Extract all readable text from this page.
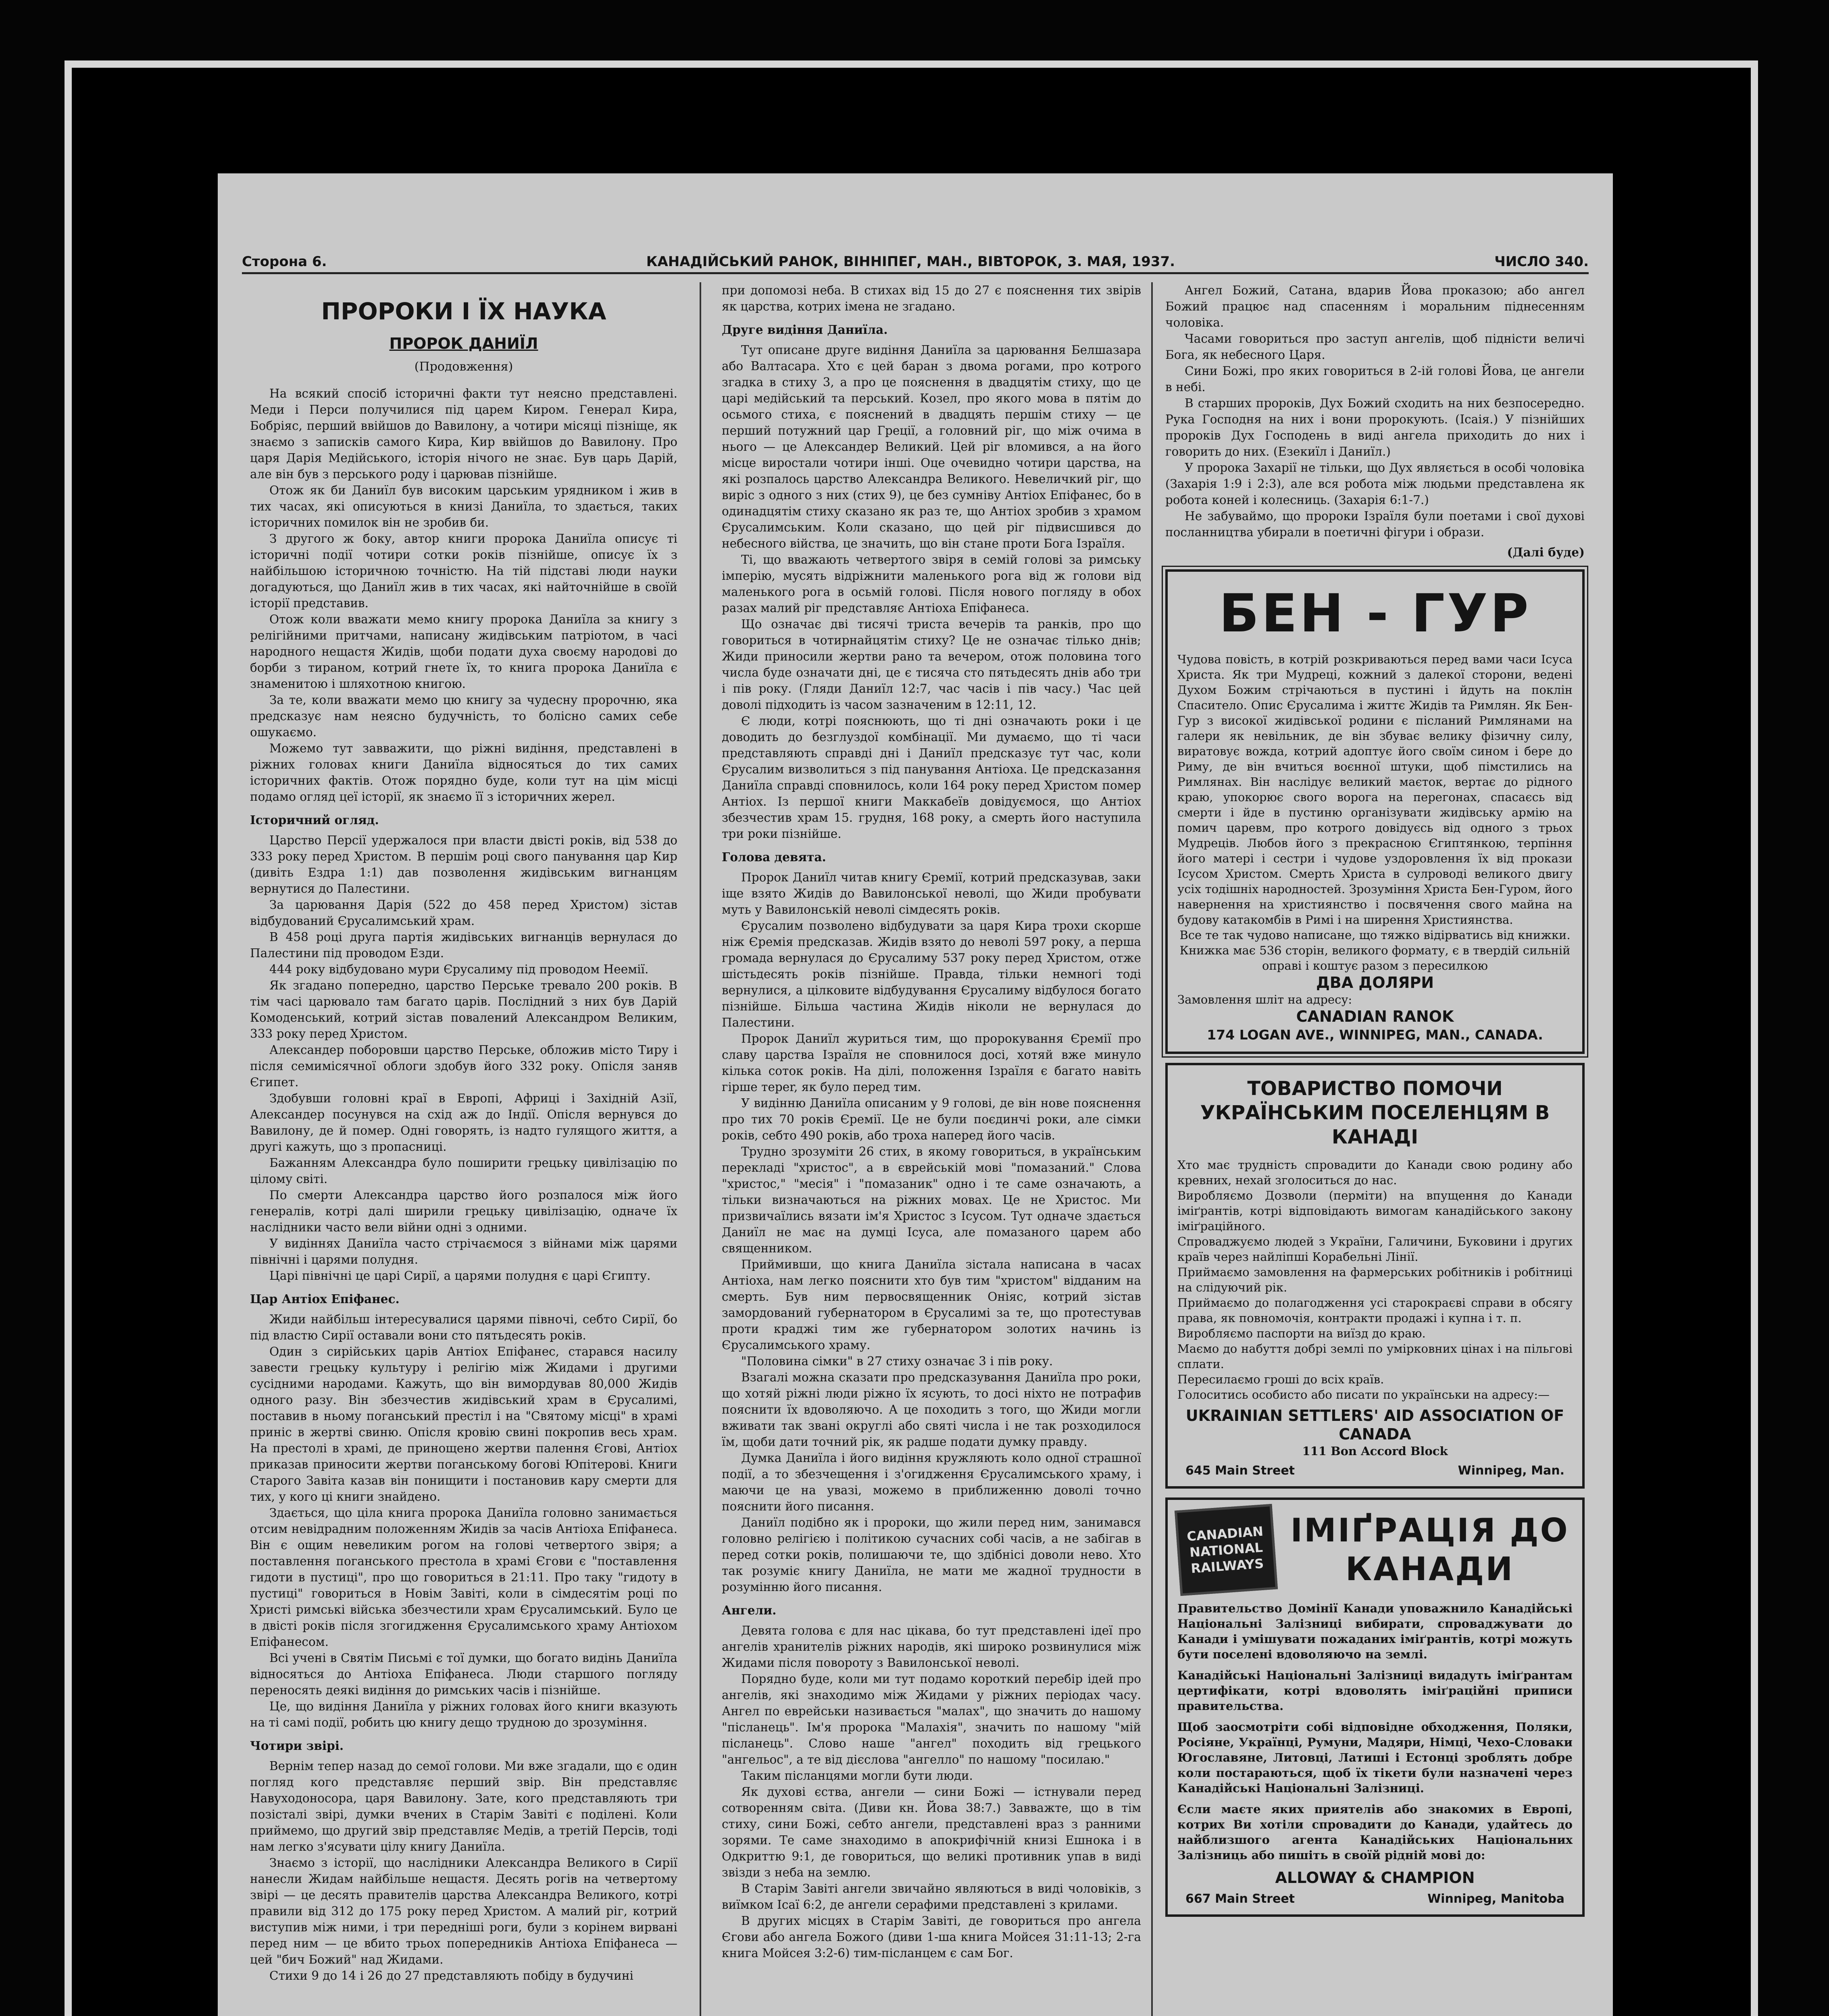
Сторона 6.	КАНАДІЙСЬКИЙ РАНОК, ВІННІПЕГ, МАН., ВІВТОРОК, 3. МАЯ, 1937.	ЧИСЛО 340.
ПРОРОКИ І ЇХ НАУКА
ПРОРОК ДАНИЇЛ
(Продовження)

На всякий спосіб історичні факти тут неясно представлені. Меди і Перси получилися під царем Киром. Генерал Кира, Бобріяс, перший ввійшов до Вавилону, а чотири місяці пізніще, як знаємо з записків самого Кира, Кир ввійшов до Вавилону. Про царя Дарія Медійського, історія нічого не знає. Був царь Дарій, але він був з перського роду і царював пізнійше.

Отож як би Даниїл був високим царським урядником і жив в тих часах, які описуються в книзі Даниїла, то здається, таких історичних помилок він не зробив би.

З другого ж боку, автор книги пророка Даниїла описує ті історичні події чотири сотки років пізнійше, описує їх з найбільшою історичною точністю. На тій підставі люди науки догадуються, що Даниїл жив в тих часах, які найточнійше в своїй історії представив.

Отож коли вважати мемо книгу пророка Даниїла за книгу з релігійними притчами, написану жидівським патріотом, в часі народного нещастя Жидів, щоби подати духа своєму народові до борби з тираном, котрий гнете їх, то книга пророка Даниїла є знаменитою і шляхотною книгою.

За те, коли вважати мемо цю книгу за чудесну пророчню, яка предсказує нам неясно будучність, то болісно самих себе ошукаємо.

Можемо тут завважити, що ріжні видіння, представлені в ріжних головах книги Даниїла відносяться до тих самих історичних фактів. Отож порядно буде, коли тут на цім місці подамо огляд цеї історії, як знаємо її з історичних жерел.

Історичний огляд.

Царство Персії удержалося при власти двісті років, від 538 до 333 року перед Христом. В першім році свого панування цар Кир (дивіть Ездра 1:1) дав позволення жидівським вигнанцям вернутися до Палестини.

За царювання Дарія (522 до 458 перед Христом) зістав відбудований Єрусалимський храм.

В 458 році друга партія жидівських вигнанців вернулася до Палестини під проводом Езди.

444 року відбудовано мури Єрусалиму під проводом Неемії.

Як згадано попередно, царство Перське тревало 200 років. В тім часі царювало там багато царів. Послідний з них був Дарій Комоденський, котрий зістав повалений Александром Великим, 333 року перед Христом.

Александер поборовши царство Перське, обложив місто Тиру і після семимісячної облоги здобув його 332 року. Опісля заняв Єгипет.

Здобувши головні краї в Европі, Африці і Західній Азії, Александер посунувся на схід аж до Індії. Опісля вернувся до Вавилону, де й помер. Одні говорять, із надто гулящого життя, а другі кажуть, що з пропасниці.

Бажанням Александра було поширити грецьку цивілізацію по цілому світі.

По смерти Александра царство його розпалося між його генералів, котрі далі ширили грецьку цивілізацію, одначе їх наслідники часто вели війни одні з одними.

У видіннях Даниїла часто стрічаємося з війнами між царями північні і царями полудня.

Царі північні це царі Сирії, а царями полудня є царі Єгипту.

Цар Антіох Епіфанес.

Жиди найбільш інтересувалися царями півночі, себто Сирії, бо під властю Сирії оставали вони сто пятьдесять років.

Один з сирійських царів Антіох Епіфанес, старався насилу завести грецьку культуру і релігію між Жидами і другими сусідними народами. Кажуть, що він вимордував 80,000 Жидів одного разу. Він збезчестив жидівський храм в Єрусалимі, поставив в ньому поганський престіл і на "Святому місці" в храмі приніс в жертві свиню. Опісля кровію свині покропив весь храм. На престолі в храмі, де принощено жертви палення Єгові, Антіох приказав приносити жертви поганському богові Юпітерові. Книги Старого Завіта казав він понищити і постановив кару смерти для тих, у кого ці книги знайдено.

Здається, що ціла книга пророка Даниїла головно занимається отсим невідрадним положенням Жидів за часів Антіоха Епіфанеса. Він є ощим невеликим рогом на голові четвертого звіря; а поставлення поганського престола в храмі Єгови є "поставлення гидоти в пустиці", про що говориться в 21:11. Про таку "гидоту в пустиці" говориться в Новім Завіті, коли в сімдесятім році по Христі римські війська збезчестили храм Єрусалимський. Було це в двісті років після згогидження Єрусалимського храму Антіохом Епіфанесом.

Всі учені в Святім Письмі є тої думки, що богато видінь Даниїла відносяться до Антіоха Епіфанеса. Люди старшого погляду переносять деякі видіння до римських часів і пізнійше.

Це, що видіння Даниїла у ріжних головах його книги вказують на ті самі події, робить цю книгу дещо трудною до зрозуміння.

Чотири звірі.

Вернім тепер назад до семої голови. Ми вже згадали, що є один погляд кого представляє перший звір. Він представляє Навуходоносора, царя Вавилону. Зате, кого представляють три позісталі звірі, думки вчених в Старім Завіті є поділені. Коли приймемо, що другий звір представляє Медів, а третій Персів, тоді нам легко з'ясувати цілу книгу Даниїла.

Знаємо з історії, що наслідники Александра Великого в Сирії нанесли Жидам найбільше нещастя. Десять рогів на четвертому звірі — це десять правителів царства Александра Великого, котрі правили від 312 до 175 року перед Христом. А малий ріг, котрий виступив між ними, і три передніші роги, були з корінем вирвані перед ним — це вбито трьох попередників Антіоха Епіфанеса — цей "бич Божий" над Жидами.

Стихи 9 до 14 і 26 до 27 представляють побіду в будучині

при допомозі неба. В стихах від 15 до 27 є пояснення тих звірів як царства, котрих імена не згадано.

Друге видіння Даниїла.

Тут описане друге видіння Даниїла за царювання Белшазара або Валтасара. Хто є цей баран з двома рогами, про котрого згадка в стиху 3, а про це пояснення в двадцятім стиху, що це царі медійський та перський. Козел, про якого мова в пятім до осьмого стиха, є пояснений в двадцять першім стиху — це перший потужний цар Греції, а головний ріг, що між очима в нього — це Александер Великий. Цей ріг вломився, а на його місце виростали чотири інші. Оце очевидно чотири царства, на які розпалось царство Александра Великого. Невеличкий ріг, що виріс з одного з них (стих 9), це без сумніву Антіох Епіфанес, бо в одинадцятім стиху сказано як раз те, що Антіох зробив з храмом Єрусалимським. Коли сказано, що цей ріг підвисшився до небесного війства, це значить, що він стане проти Бога Ізраїля.

Ті, що вважають четвертого звіря в семій голові за римську імперію, мусять відріжнити маленького рога від ж голови від маленького рога в осьмій голові. Після нового погляду в обох разах малий ріг представляє Антіоха Епіфанеса.

Що означає дві тисячі триста вечерів та ранків, про що говориться в чотирнайцятім стиху? Це не означає тілько днів; Жиди приносили жертви рано та вечером, отож половина того числа буде означати дні, це є тисяча сто пятьдесять днів або три і пів року. (Гляди Даниїл 12:7, час часів і пів часу.) Час цей доволі підходить із часом зазначеним в 12:11, 12.

Є люди, котрі пояснюють, що ті дні означають роки і це доводить до безглуздої комбінації. Ми думаємо, що ті часи представляють справді дні і Даниїл предсказує тут час, коли Єрусалим визволиться з під панування Антіоха. Це предсказання Даниїла справді сповнилось, коли 164 року перед Христом помер Антіох. Із першої книги Маккабеїв довідуємося, що Антіох збезчестив храм 15. грудня, 168 року, а смерть його наступила три роки пізнійше.

Голова девята.

Пророк Даниїл читав книгу Єремії, котрий предсказував, заки іще взято Жидів до Вавилонської неволі, що Жиди пробувати муть у Вавилонській неволі сімдесять років.

Єрусалим позволено відбудувати за царя Кира трохи скорше ніж Єремія предсказав. Жидів взято до неволі 597 року, а перша громада вернулася до Єрусалиму 537 року перед Христом, отже шістьдесять років пізнійше. Правда, тільки немногі тоді вернулися, а цілковите відбудування Єрусалиму відбулося богато пізнійше. Більша частина Жидів ніколи не вернулася до Палестини.

Пророк Даниїл журиться тим, що пророкування Єремії про славу царства Ізраїля не сповнилося досі, хотяй вже минуло кілька соток років. На ділі, положення Ізраїля є багато навіть гірше теper, як було перед тим.

У видінню Даниїла описаним у 9 голові, де він нове пояснення про тих 70 років Єремії. Це не були поєдинчі роки, але сімки років, себто 490 років, або троха наперед його часів.

Трудно зрозуміти 26 стих, в якому говориться, в українським перекладі "христос", а в єврейській мові "помазаний." Слова "христос," "месія" і "помазаник" одно і те саме означають, а тільки визначаються на ріжних мовах. Це не Христос. Ми призвичаїлись вязати ім'я Христос з Ісусом. Тут одначе здається Даниїл не має на думці Ісуса, але помазаного царем або священником.

Приймивши, що книга Даниїла зістала написана в часах Антіоха, нам легко пояснити хто був тим "христом" відданим на смерть. Був ним первосвященник Оніяс, котрий зістав замордований губернатором в Єрусалимі за те, що протестував проти краджі тим же губернатором золотих начинь із Єрусалимського храму.

"Половина сімки" в 27 стиху означає 3 і пів року.

Взагалі можна сказати про предсказування Даниїла про роки, що хотяй ріжні люди ріжно їх ясують, то досі ніхто не потрафив пояснити їх вдоволяючо. А це походить з того, що Жиди могли вживати так звані округлі або святі числа і не так розходилося їм, щоби дати точний рік, як радше подати думку правду.

Думка Даниїла і його видіння кружляють коло одної страшної події, а то збезчещення і з'огидження Єрусалимського храму, і маючи це на увазі, можемо в приближенню доволі точно пояснити його писання.

Даниїл подібно як і пророки, що жили перед ним, занимався головно релігією і політикою сучасних собі часів, а не забігав в перед сотки років, полишаючи те, що здібнісі доволи нево. Хто так розуміє книгу Даниїла, не мати ме жадної трудности в розумінню його писання.

Ангели.

Девята голова є для нас цікава, бо тут представлені ідеї про ангелів хранителів ріжних народів, які широко розвинулися між Жидами після повороту з Вавилонської неволі.

Порядно буде, коли ми тут подамо короткий перебір ідей про ангелів, які знаходимо між Жидами у ріжних періодах часу. Ангел по еврейськи називається "малах", що значить до нашому "післанець". Ім'я пророка "Малахія", значить по нашому "мій післанець". Слово наше "ангел" походить від грецького "ангельос", а те від дієслова "ангелло" по нашому "посилаю."

Таким післанцями могли бути люди.

Як духові єства, ангели — сини Божі — істнували перед сотворенням світа. (Диви кн. Йова 38:7.) Завважте, що в тім стиху, сини Божі, себто ангели, представлені враз з ранними зорями. Те саме знаходимо в апокрифічній книзі Ешнока і в Одкриттю 9:1, де говориться, що великі противник упав в виді звізди з неба на землю.

В Старім Завіті ангели звичайно являються в виді чоловіків, з виїмком Ісаї 6:2, де ангели серафими представлені з крилами.

В других місцях в Старім Завіті, де говориться про ангела Єгови або ангела Божого (диви 1-ша книга Мойсея 31:11-13; 2-га книга Мойсея 3:2-6) тим-післанцем є сам Бог.

Ангел Божий, Сатана, вдарив Йова проказою; або ангел Божий працює над спасенням і моральним піднесенням чоловіка.

Часами говориться про заступ ангелів, щоб підністи величі Бога, як небесного Царя.

Сини Божі, про яких говориться в 2-ій голові Йова, це ангели в небі.

В старших пророків, Дух Божий сходить на них безпосередно. Рука Господня на них і вони пророкують. (Ісаія.) У пізнійших пророків Дух Господень в виді ангела приходить до них і говорить до них. (Езекиїл і Даниїл.)

У пророка Захарії не тільки, що Дух являється в особі чоловіка (Захарія 1:9 і 2:3), але вся робота між людьми представлена як робота коней і колесниць. (Захарія 6:1-7.)

Не забуваймо, що пророки Ізраїля були поетами і свої духові посланництва убирали в поетичні фігури і образи.

(Далі буде)
БЕН - ГУР
Чудова повість, в котрій розкриваються перед вами часи Ісуса Христа. Як три Мудреці, кожний з далекої сторони, ведені Духом Божим стрічаються в пустині і йдуть на поклін Спаситело. Опис Єрусалима і життє Жидів та Римлян. Як Бен-Гур з високої жидівської родини є післаний Римлянами на галери як невільник, де він збуває велику фізичну силу, виратовує вожда, котрий адоптує його своїм сином і бере до Риму, де він вчиться воєнної штуки, щоб пімстились на Римлянах. Він наслідує великий маєток, вертає до рідного краю, упокорює свого ворога на перегонах, спасаєсь від смерти і йде в пустиню організувати жидівську армію на помич царевм, про котрого довідуєсь від одного з трьох Мудреців. Любов його з прекрасною Єгиптянкою, терпіння його матері і сестри і чудове уздоровлення їх від прокази Ісусом Христом. Смерть Христа в сулроводі великого двигу усіх тодішніх народностей. Зрозуміння Христа Бен-Гуром, його навернення на християнство і посвячення свого майна на будову катакомбів в Римі і на ширення Християнства.
Все те так чудово написане, що тяжко відірватись від книжки.
Книжка має 536 сторін, великого формату, є в твердій сильній оправі і коштує разом з пересилкою
ДВА ДОЛЯРИ
Замовлення шліт на адресу:
CANADIAN RANOK
174 LOGAN AVE., WINNIPEG, MAN., CANADA.
ТОВАРИСТВО ПОМОЧИ УКРАЇНСЬКИМ ПОСЕЛЕНЦЯМ В КАНАДІ
Хто має трудність спровадити до Канади свою родину або кревних, нехай зголоситься до нас.
Виробляємо Дозволи (перміти) на впущення до Канади іміґрантів, котрі відповідають вимогам канадійського закону іміґраційного.
Спроваджуємо людей з України, Галичини, Буковини і других країв через найліпші Корабельні Лінії.
Приймаємо замовлення на фармерських робітників і робітниці на слідуючий рік.
Приймаємо до полагодження усі старокраєві справи в обсягу права, як повномочія, контракти продажі і купна і т. п.
Виробляємо паспорти на виїзд до краю.
Маємо до набуття добрі землі по умірковних цінах і на пільгові сплати.
Пересилаємо гроші до всіх країв.
Голоситись особисто або писати по українськи на адресу:—
UKRAINIAN SETTLERS' AID ASSOCIATION OF CANADA
111 Bon Accord Block
645 Main Street	Winnipeg, Man.
CANADIAN
NATIONAL
RAILWAYS
ІМІҐРАЦІЯ ДО КАНАДИ
Правительство Домінії Канади уповажнило Канадійські Національні Залізниці вибирати, спроваджувати до Канади і умішувати пожаданих іміґрантів, котрі можуть бути поселені вдоволяючо на землі.
Канадійські Національні Залізниці видадуть іміґрантам цертифікати, котрі вдоволять іміґраційні приписи правительства.
Щоб заосмотріти собі відповідне обходження, Поляки, Росіяне, Українці, Румуни, Мадяри, Німці, Чехо-Словаки Югославяне, Литовці, Латиші і Естонці зроблять добре коли постараються, щоб їх тікети були назначені через Канадійські Національні Залізниці.
Єсли маєте яких приятелів або знакомих в Европі, котрих Ви хотіли спровадити до Канади, удайтесь до найблизшого агента Канадійських Національних Залізниць або пишіть в своїй рідній мові до:
ALLOWAY & CHAMPION
667 Main Street	Winnipeg, Manitoba
